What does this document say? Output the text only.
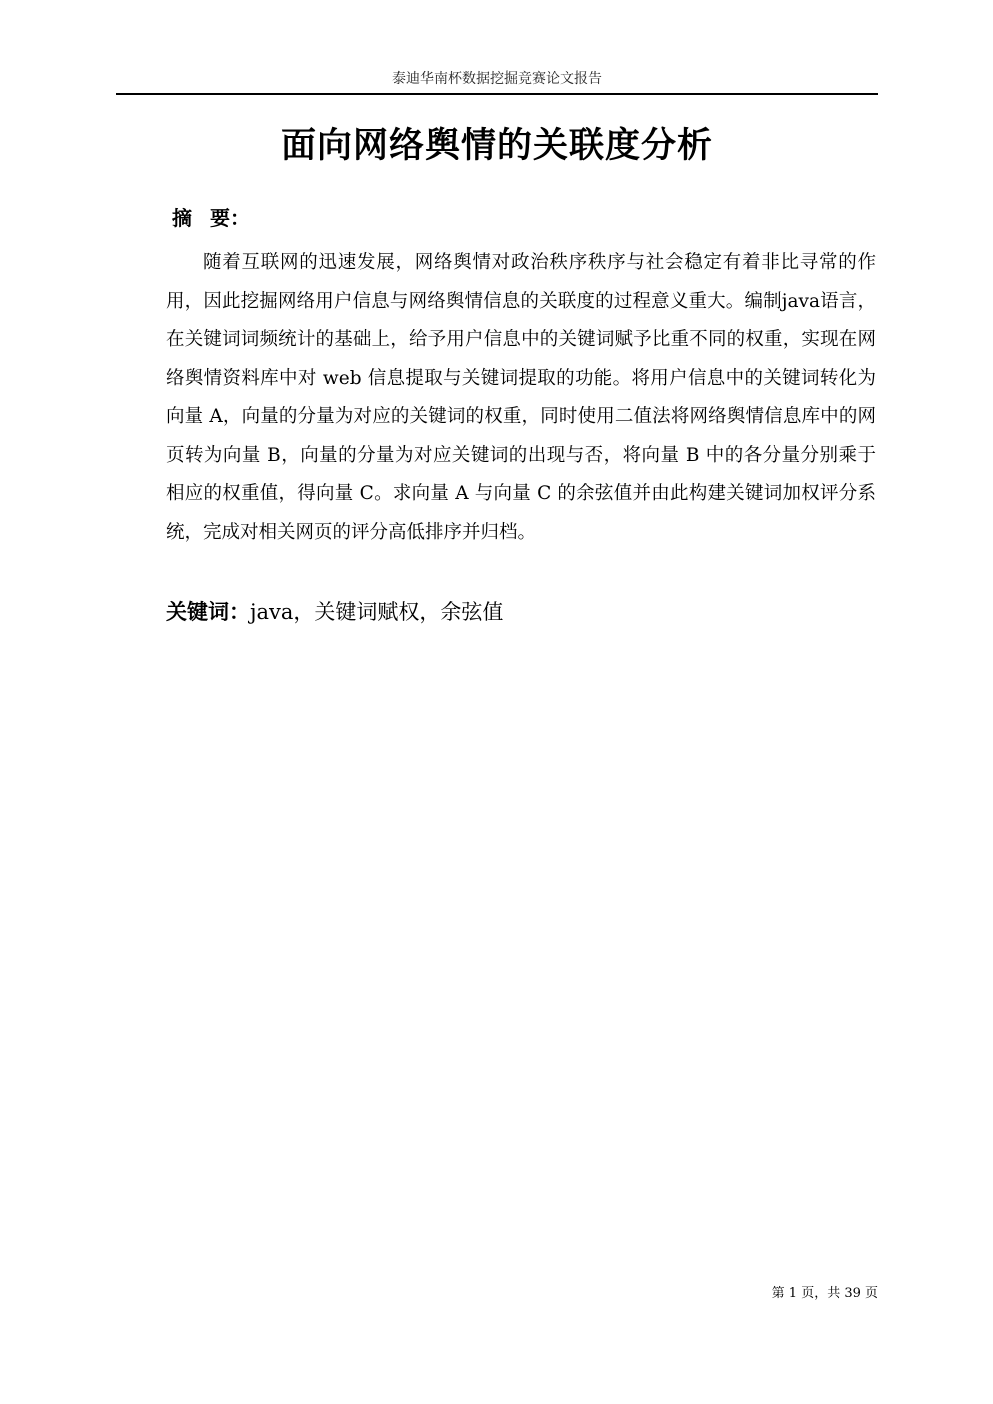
泰迪华南杯数据挖掘竞赛论文报告
面向网络舆情的关联度分析
摘 要：
随着互联网的迅速发展，网络舆情对政治秩序秩序与社会稳定有着非比寻常的作用，因此挖掘网络用户信息与网络舆情信息的关联度的过程意义重大。编制java语言，在关键词词频统计的基础上，给予用户信息中的关键词赋予比重不同的权重，实现在网络舆情资料库中对 web 信息提取与关键词提取的功能。将用户信息中的关键词转化为向量 A，向量的分量为对应的关键词的权重，同时使用二值法将网络舆情信息库中的网页转为向量 B，向量的分量为对应关键词的出现与否，将向量 B 中的各分量分别乘于相应的权重值，得向量 C。求向量 A 与向量 C 的余弦值并由此构建关键词加权评分系统，完成对相关网页的评分高低排序并归档。
关键词：java，关键词赋权，余弦值
第 1 页，共 39 页
